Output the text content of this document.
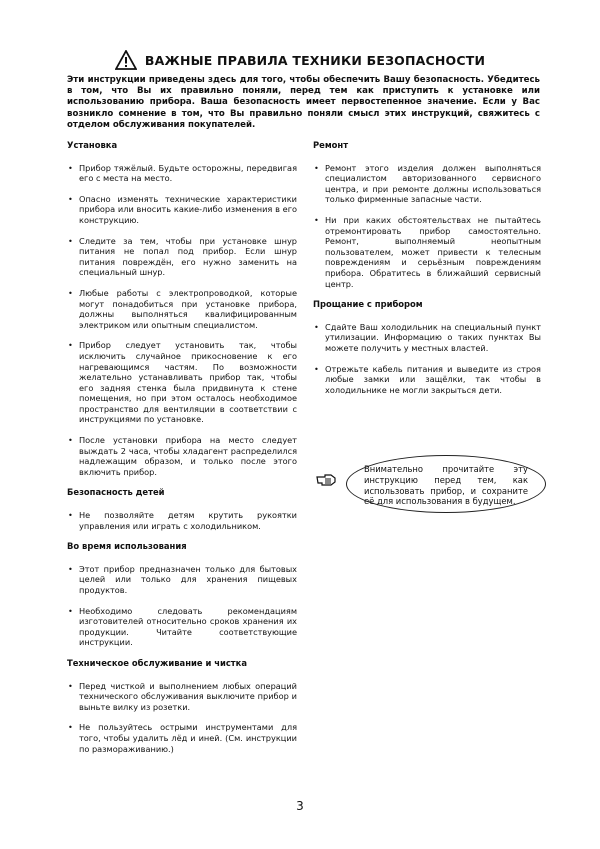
ВАЖНЫЕ ПРАВИЛА ТЕХНИКИ БЕЗОПАСНОСТИ
Эти инструкции приведены здесь для того, чтобы обеспечить Вашу безопасность. Убедитесь в том, что Вы их правильно поняли, перед тем как приступить к установке или использованию прибора. Ваша безопасность имеет первостепенное значение. Если у Вас возникло сомнение в том, что Вы правильно поняли смысл этих инструкций, свяжитесь с отделом обслуживания покупателей.
Установка
• Прибор тяжёлый. Будьте осторожны, передвигая его с места на место.
• Опасно изменять технические характеристики прибора или вносить какие-либо изменения в его конструкцию.
• Следите за тем, чтобы при установке шнур питания не попал под прибор. Если шнур питания повреждён, его нужно заменить на специальный шнур.
• Любые работы с электропроводкой, которые могут понадобиться при установке прибора, должны выполняться квалифицированным электриком или опытным специалистом.
• Прибор следует установить так, чтобы исключить случайное прикосновение к его нагревающимся частям. По возможности желательно устанавливать прибор так, чтобы его задняя стенка была придвинута к стене помещения, но при этом осталось необходимое пространство для вентиляции в соответствии с инструкциями по установке.
• После установки прибора на место следует выждать 2 часа, чтобы хладагент распределился надлежащим образом, и только после этого включить прибор.
Безопасность детей
• Не позволяйте детям крутить рукоятки управления или играть с холодильником.
Во время использования
• Этот прибор предназначен только для бытовых целей или только для хранения пищевых продуктов.
• Необходимо следовать рекомендациям изготовителей относительно сроков хранения их продукции. Читайте соответствующие инструкции.
Техническое обслуживание и чистка
• Перед чисткой и выполнением любых операций технического обслуживания выключите прибор и выньте вилку из розетки.
• Не пользуйтесь острыми инструментами для того, чтобы удалить лёд и иней. (См. инструкции по размораживанию.)
Ремонт
• Ремонт этого изделия должен выполняться специалистом авторизованного сервисного центра, и при ремонте должны использоваться только фирменные запасные части.
• Ни при каких обстоятельствах не пытайтесь отремонтировать прибор самостоятельно. Ремонт, выполняемый неопытным пользователем, может привести к телесным повреждениям и серьёзным повреждениям прибора. Обратитесь в ближайший сервисный центр.
Прощание с прибором
• Сдайте Ваш холодильник на специальный пункт утилизации. Информацию о таких пунктах Вы можете получить у местных властей.
• Отрежьте кабель питания и выведите из строя любые замки или защёлки, так чтобы в холодильнике не могли закрыться дети.
Внимательно прочитайте эту инструкцию перед тем, как использовать прибор, и сохраните её для использования в будущем.
3
